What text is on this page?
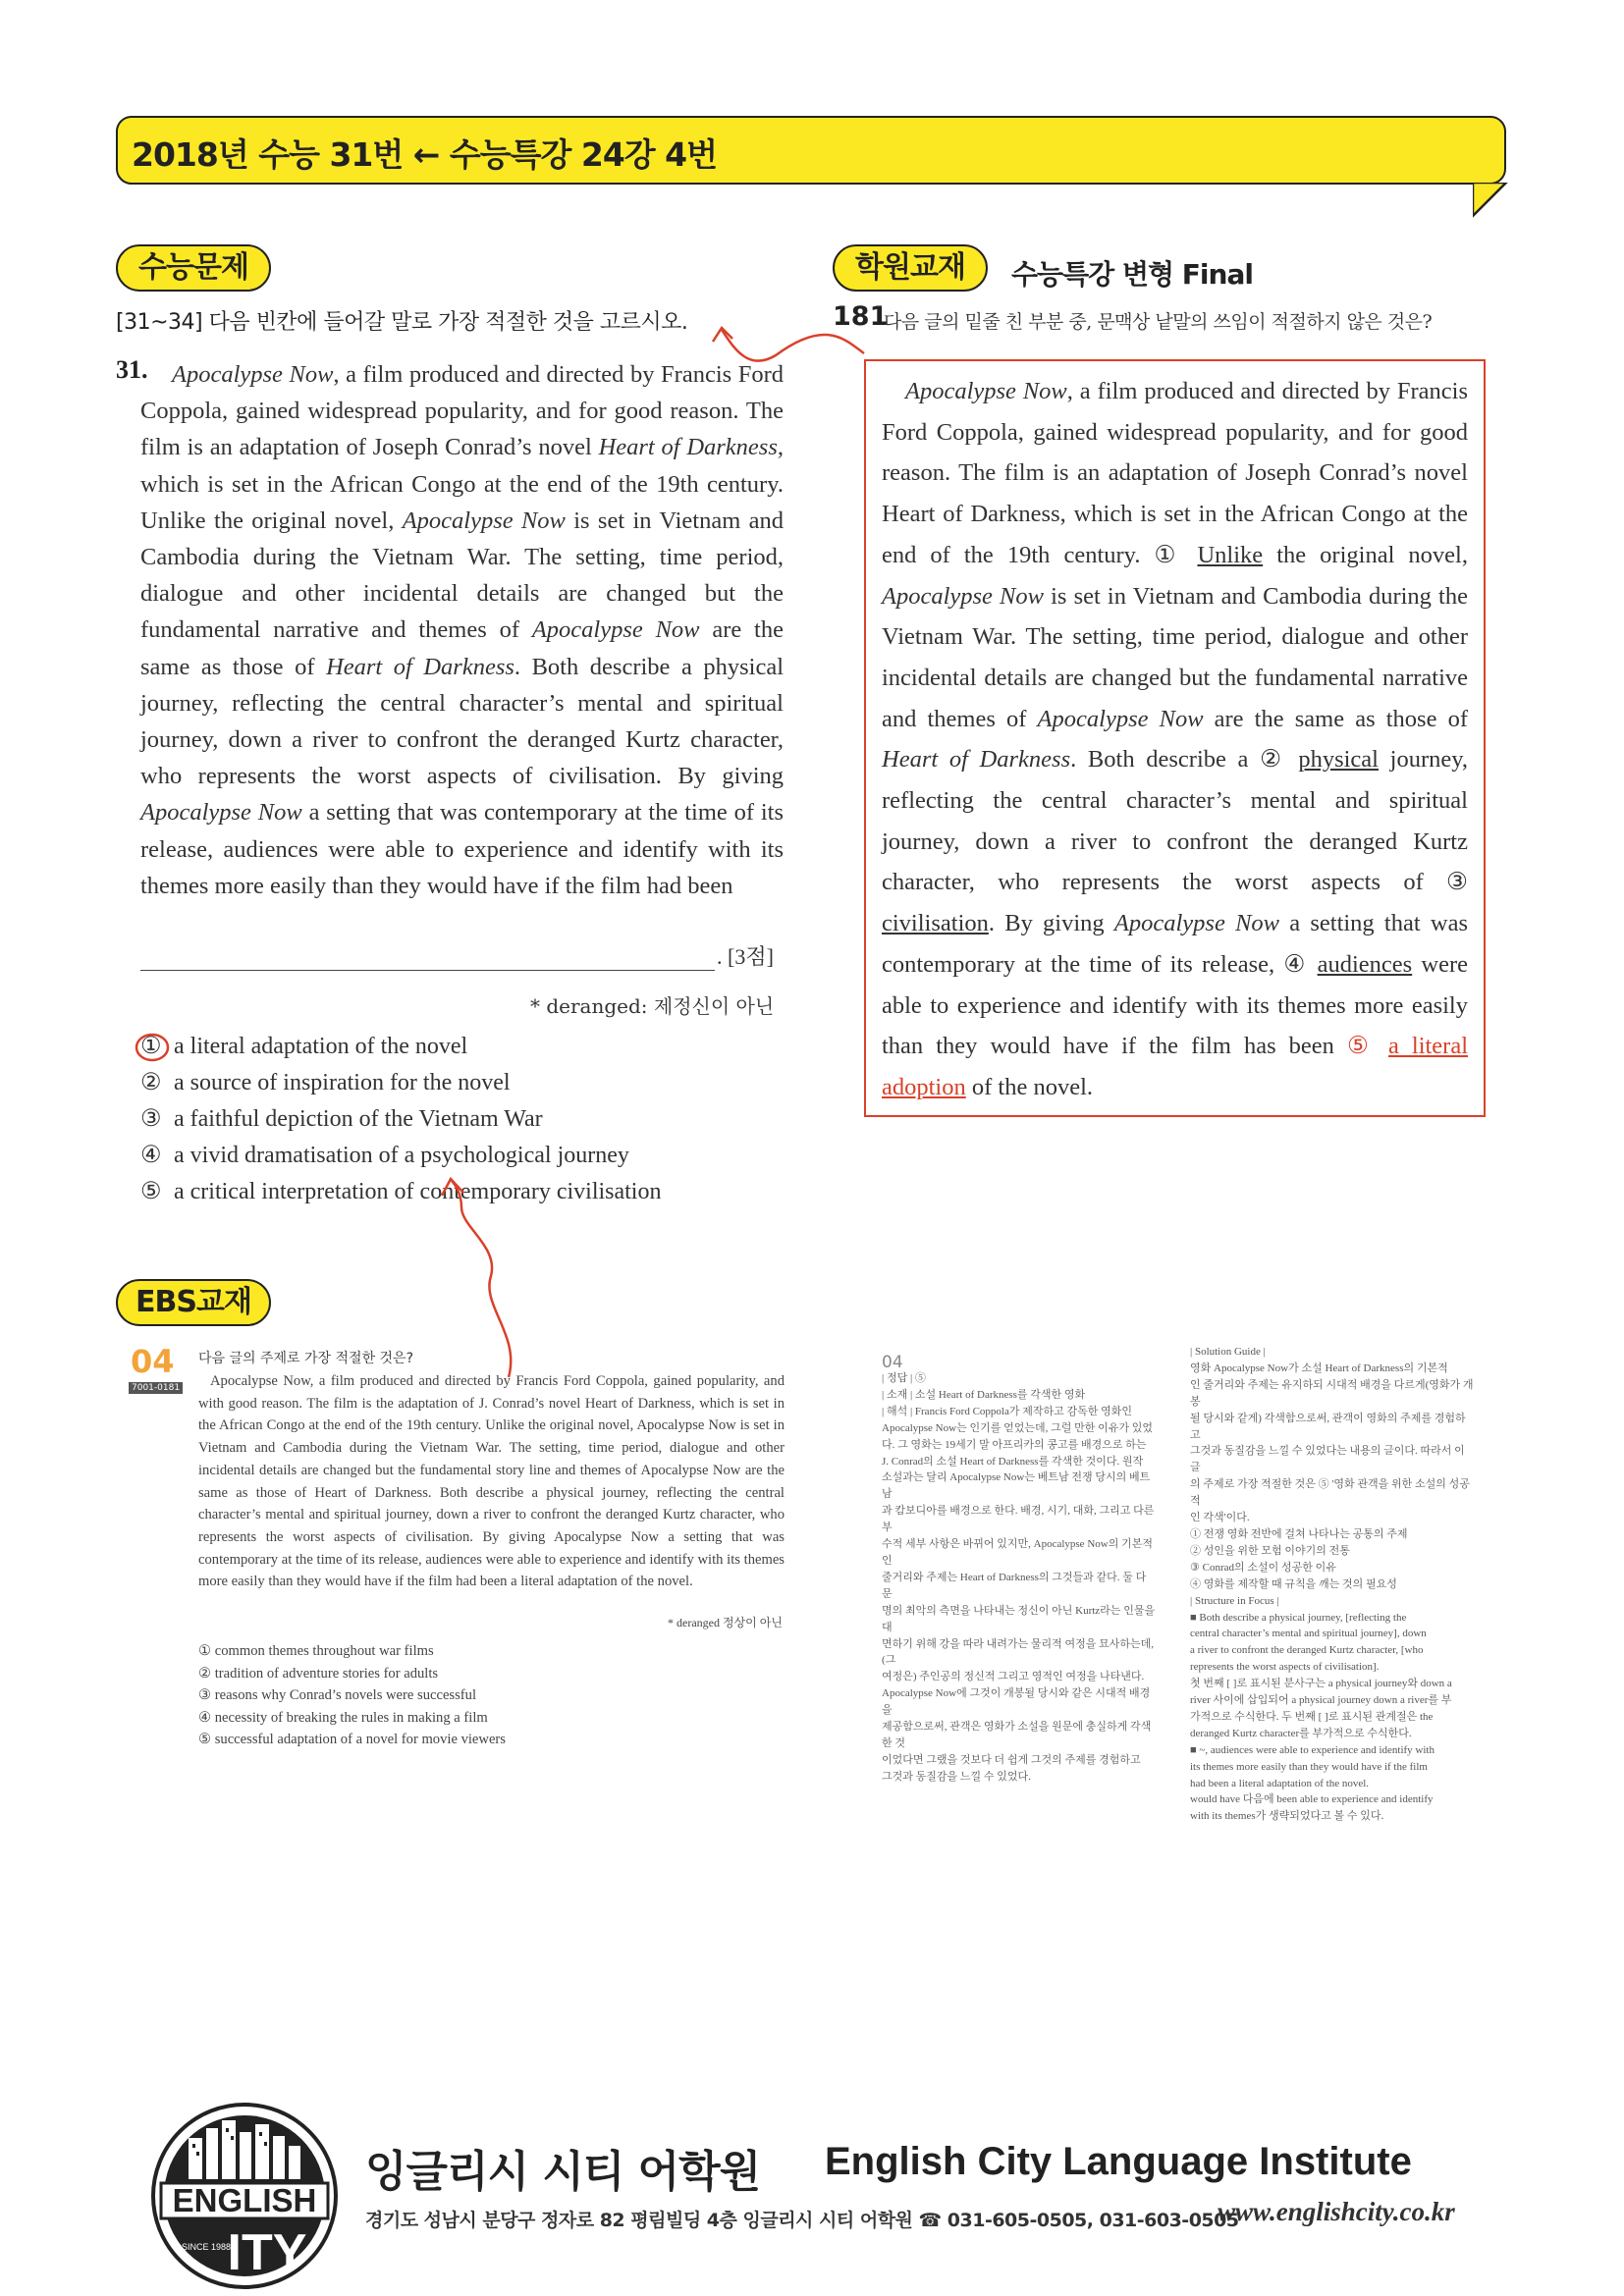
2018년 수능 31번 ← 수능특강 24강 4번
수능문제
[31~34] 다음 빈칸에 들어갈 말로 가장 적절한 것을 고르시오.
31.	Apocalypse Now, a film produced and directed by Francis Ford Coppola, gained widespread popularity, and for good reason. The film is an adaptation of Joseph Conrad’s novel Heart of Darkness, which is set in the African Congo at the end of the 19th century. Unlike the original novel, Apocalypse Now is set in Vietnam and Cambodia during the Vietnam War. The setting, time period, dialogue and other incidental details are changed but the fundamental narrative and themes of Apocalypse Now are the same as those of Heart of Darkness. Both describe a physical journey, reflecting the central character’s mental and spiritual journey, down a river to confront the deranged Kurtz character, who represents the worst aspects of civilisation. By giving Apocalypse Now a setting that was contemporary at the time of its release, audiences were able to experience and identify with its themes more easily than they would have if the film had been
. [3점]
* deranged: 제정신이 아닌
① a literal adaptation of the novel
② a source of inspiration for the novel
③ a faithful depiction of the Vietnam War
④ a vivid dramatisation of a psychological journey
⑤ a critical interpretation of contemporary civilisation
학원교재	수능특강 변형 Final
181
다음 글의 밑줄 친 부분 중, 문맥상 낱말의 쓰임이 적절하지 않은 것은?
Apocalypse Now, a film produced and directed by Francis Ford Coppola, gained widespread popularity, and for good reason. The film is an adaptation of Joseph Conrad’s novel Heart of Darkness, which is set in the African Congo at the end of the 19th century. ① Unlike the original novel, Apocalypse Now is set in Vietnam and Cambodia during the Vietnam War. The setting, time period, dialogue and other incidental details are changed but the fundamental narrative and themes of Apocalypse Now are the same as those of Heart of Darkness. Both describe a ② physical journey, reflecting the central character’s mental and spiritual journey, down a river to confront the deranged Kurtz character, who represents the worst aspects of ③ civilisation. By giving Apocalypse Now a setting that was contemporary at the time of its release, ④ audiences were able to experience and identify with its themes more easily than they would have if the film has been ⑤ a literal adoption of the novel.
EBS교재
04
7001-0181
다음 글의 주제로 가장 적절한 것은?
Apocalypse Now, a film produced and directed by Francis Ford Coppola, gained popularity, and with good reason. The film is the adaptation of J. Conrad’s novel Heart of Darkness, which is set in the African Congo at the end of the 19th century. Unlike the original novel, Apocalypse Now is set in Vietnam and Cambodia during the Vietnam War. The setting, time period, dialogue and other incidental details are changed but the fundamental story line and themes of Apocalypse Now are the same as those of Heart of Darkness. Both describe a physical journey, reflecting the central character’s mental and spiritual journey, down a river to confront the deranged Kurtz character, who represents the worst aspects of civilisation. By giving Apocalypse Now a setting that was contemporary at the time of its release, audiences were able to experience and identify with its themes more easily than they would have if the film had been a literal adaptation of the novel.
* deranged 정상이 아닌
① common themes throughout war films
② tradition of adventure stories for adults
③ reasons why Conrad’s novels were successful
④ necessity of breaking the rules in making a film
⑤ successful adaptation of a novel for movie viewers
04
| 정답 | ⑤
| 소재 | 소설 Heart of Darkness를 각색한 영화
| 해석 | Francis Ford Coppola가 제작하고 감독한 영화인
Apocalypse Now는 인기를 얻었는데, 그럴 만한 이유가 있었
다. 그 영화는 19세기 말 아프리카의 콩고를 배경으로 하는
J. Conrad의 소설 Heart of Darkness를 각색한 것이다. 원작
소설과는 달리 Apocalypse Now는 베트남 전쟁 당시의 베트남
과 캄보디아를 배경으로 한다. 배경, 시기, 대화, 그리고 다른 부
수적 세부 사항은 바뀌어 있지만, Apocalypse Now의 기본적인
줄거리와 주제는 Heart of Darkness의 그것들과 같다. 둘 다 문
명의 최악의 측면을 나타내는 정신이 아닌 Kurtz라는 인물을 대
면하기 위해 강을 따라 내려가는 물리적 여정을 묘사하는데, (그
여정은) 주인공의 정신적 그리고 영적인 여정을 나타낸다.
Apocalypse Now에 그것이 개봉될 당시와 같은 시대적 배경을
제공함으로써, 관객은 영화가 소설을 원문에 충실하게 각색한 것
이었다면 그랬을 것보다 더 쉽게 그것의 주제를 경험하고
그것과 동질감을 느낄 수 있었다.
| Solution Guide |
영화 Apocalypse Now가 소설 Heart of Darkness의 기본적
인 줄거리와 주제는 유지하되 시대적 배경을 다르게(영화가 개봉
될 당시와 같게) 각색함으로써, 관객이 영화의 주제를 경험하고
그것과 동질감을 느낄 수 있었다는 내용의 글이다. 따라서 이 글
의 주제로 가장 적절한 것은 ⑤ '영화 관객을 위한 소설의 성공적
인 각색'이다.
① 전쟁 영화 전반에 걸쳐 나타나는 공통의 주제
② 성인을 위한 모험 이야기의 전통
③ Conrad의 소설이 성공한 이유
④ 영화를 제작할 때 규칙을 깨는 것의 필요성
| Structure in Focus |
■ Both describe a physical journey, [reflecting the
central character’s mental and spiritual journey], down
a river to confront the deranged Kurtz character, [who
represents the worst aspects of civilisation].
첫 번째 [ ]로 표시된 분사구는 a physical journey와 down a
river 사이에 삽입되어 a physical journey down a river를 부
가적으로 수식한다. 두 번째 [ ]로 표시된 관계절은 the
deranged Kurtz character를 부가적으로 수식한다.
■ ~, audiences were able to experience and identify with
its themes more easily than they would have if the film
had been a literal adaptation of the novel.
would have 다음에 been able to experience and identify
with its themes가 생략되었다고 볼 수 있다.
ENGLISH
ITY
SINCE 1988
잉글리시 시티 어학원 English City Language Institute
경기도 성남시 분당구 정자로 82 평림빌딩 4층 잉글리시 시티 어학원 ☎ 031-605-0505, 031-603-0505
www.englishcity.co.kr
